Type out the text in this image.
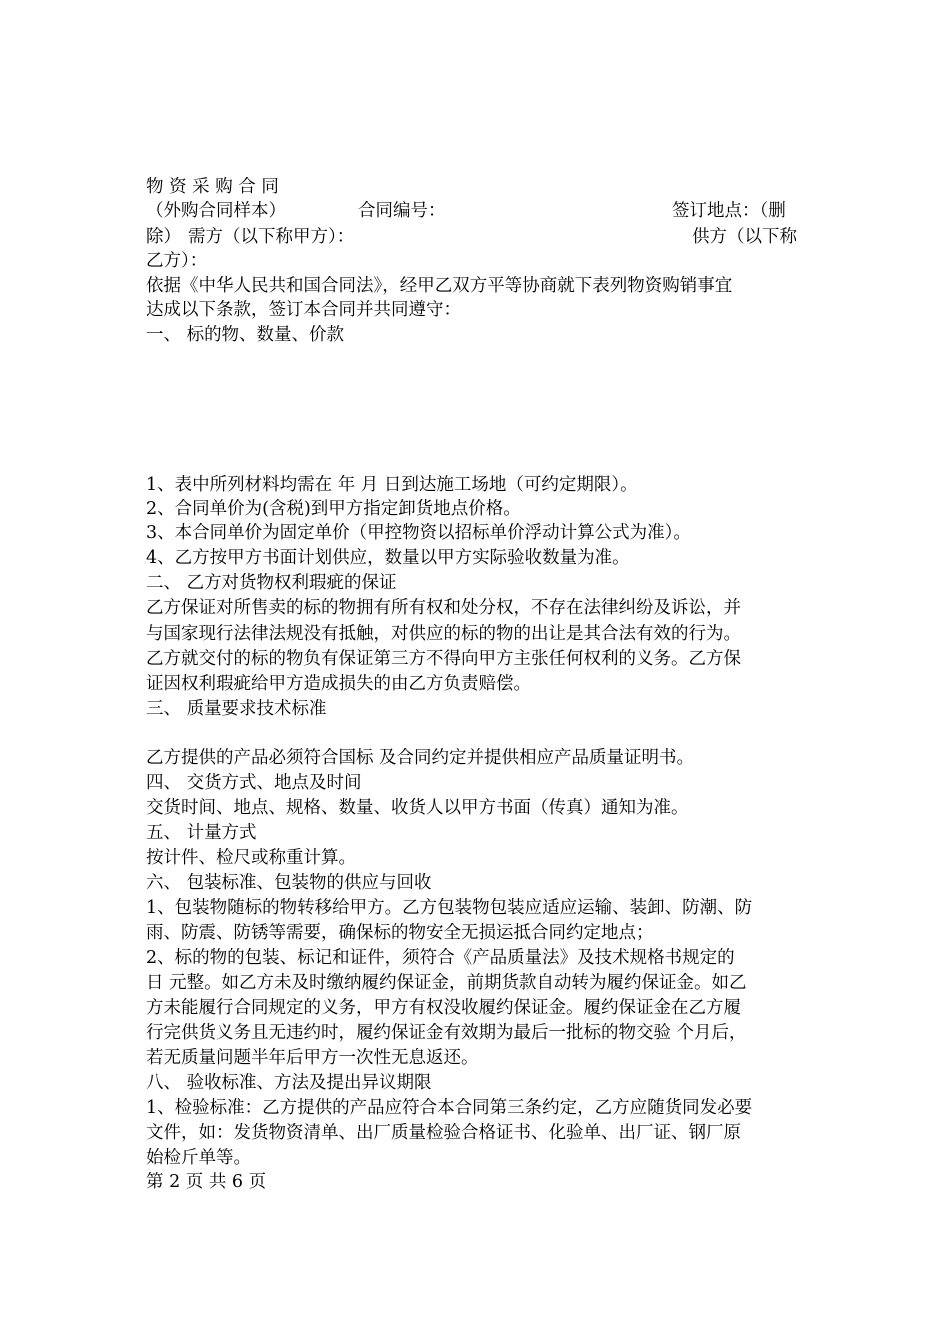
物 资 采 购 合 同
（外购合同样本）	合同编号：	签订地点：（删
除） 需方（以下称甲方）：	供方（以下称
乙方）：
依据《中华人民共和国合同法》，经甲乙双方平等协商就下表列物资购销事宜
达成以下条款，签订本合同并共同遵守：
一、 标的物、数量、价款
1、表中所列材料均需在 年 月 日到达施工场地（可约定期限）。
2、合同单价为(含税)到甲方指定卸货地点价格。
3、本合同单价为固定单价（甲控物资以招标单价浮动计算公式为准）。
4、乙方按甲方书面计划供应，数量以甲方实际验收数量为准。
二、 乙方对货物权利瑕疵的保证
乙方保证对所售卖的标的物拥有所有权和处分权，不存在法律纠纷及诉讼，并
与国家现行法律法规没有抵触，对供应的标的物的出让是其合法有效的行为。
乙方就交付的标的物负有保证第三方不得向甲方主张任何权利的义务。乙方保
证因权利瑕疵给甲方造成损失的由乙方负责赔偿。
三、 质量要求技术标准
乙方提供的产品必须符合国标 及合同约定并提供相应产品质量证明书。
四、 交货方式、地点及时间
交货时间、地点、规格、数量、收货人以甲方书面（传真）通知为准。
五、 计量方式
按计件、检尺或称重计算。
六、 包装标准、包装物的供应与回收
1、包装物随标的物转移给甲方。乙方包装物包装应适应运输、装卸、防潮、防
雨、防震、防锈等需要，确保标的物安全无损运抵合同约定地点；
2、标的物的包装、标记和证件，须符合《产品质量法》及技术规格书规定的
日 元整。如乙方未及时缴纳履约保证金，前期货款自动转为履约保证金。如乙
方未能履行合同规定的义务，甲方有权没收履约保证金。履约保证金在乙方履
行完供货义务且无违约时，履约保证金有效期为最后一批标的物交验 个月后，
若无质量问题半年后甲方一次性无息返还。
八、 验收标准、方法及提出异议期限
1、检验标准：乙方提供的产品应符合本合同第三条约定，乙方应随货同发必要
文件，如：发货物资清单、出厂质量检验合格证书、化验单、出厂证、钢厂原
始检斤单等。
第 2 页 共 6 页
